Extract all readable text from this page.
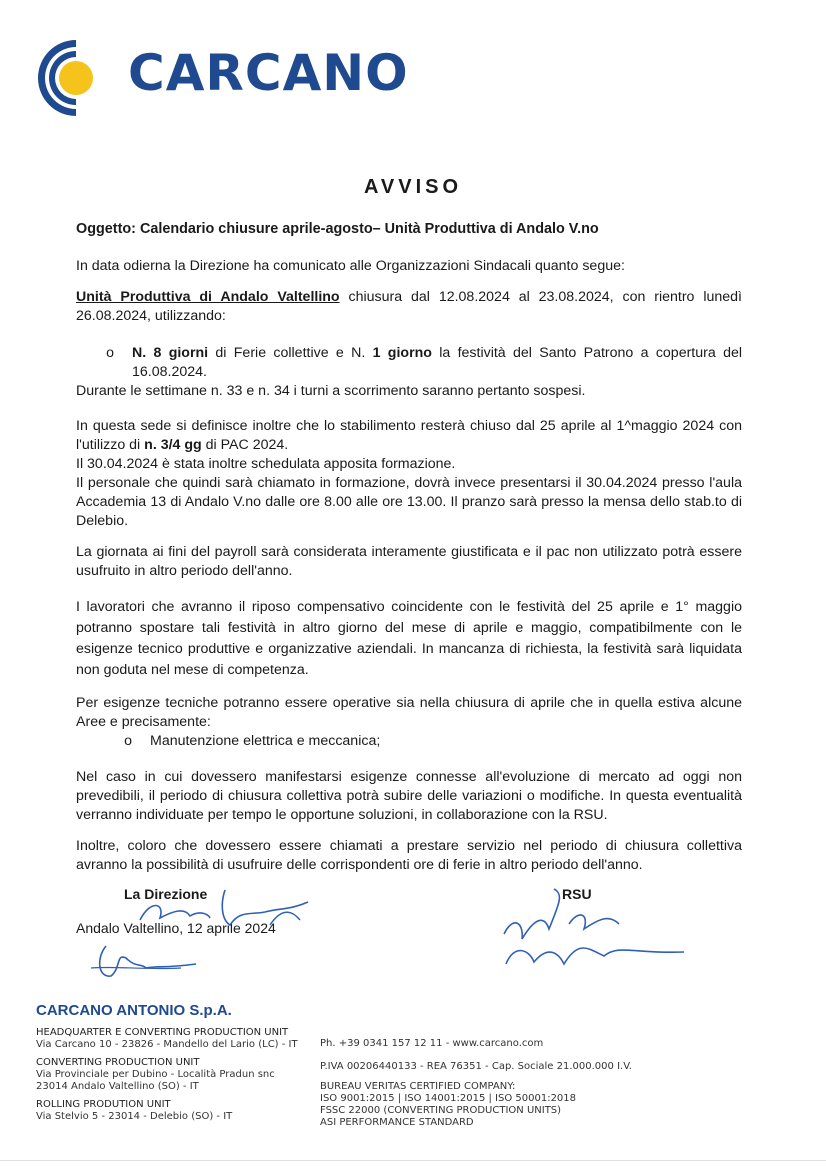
CARCANO
AVVISO
Oggetto: Calendario chiusure aprile-agosto– Unità Produttiva di Andalo V.no
In data odierna la Direzione ha comunicato alle Organizzazioni Sindacali quanto segue:

Unità Produttiva di Andalo Valtellino chiusura dal 12.08.2024 al 23.08.2024, con rientro lunedì 26.08.2024, utilizzando:

o	N. 8 giorni di Ferie collettive e N. 1 giorno la festività del Santo Patrono a copertura del 16.08.2024.

Durante le settimane n. 33 e n. 34 i turni a scorrimento saranno pertanto sospesi.

In questa sede si definisce inoltre che lo stabilimento resterà chiuso dal 25 aprile al 1^maggio 2024 con l'utilizzo di n. 3/4 gg di PAC 2024.

Il 30.04.2024 è stata inoltre schedulata apposita formazione.

Il personale che quindi sarà chiamato in formazione, dovrà invece presentarsi il 30.04.2024 presso l'aula Accademia 13 di Andalo V.no dalle ore 8.00 alle ore 13.00. Il pranzo sarà presso la mensa dello stab.to di Delebio.

La giornata ai fini del payroll sarà considerata interamente giustificata e il pac non utilizzato potrà essere usufruito in altro periodo dell'anno.
I lavoratori che avranno il riposo compensativo coincidente con le festività del 25 aprile e 1° maggio potranno spostare tali festività in altro giorno del mese di aprile e maggio, compatibilmente con le esigenze tecnico produttive e organizzative aziendali. In mancanza di richiesta, la festività sarà liquidata non goduta nel mese di competenza.

Per esigenze tecniche potranno essere operative sia nella chiusura di aprile che in quella estiva alcune Aree e precisamente:

o	Manutenzione elettrica e meccanica;
Nel caso in cui dovessero manifestarsi esigenze connesse all'evoluzione di mercato ad oggi non prevedibili, il periodo di chiusura collettiva potrà subire delle variazioni o modifiche. In questa eventualità verranno individuate per tempo le opportune soluzioni, in collaborazione con la RSU.
Inoltre, coloro che dovessero essere chiamati a prestare servizio nel periodo di chiusura collettiva avranno la possibilità di usufruire delle corrispondenti ore di ferie in altro periodo dell'anno.
La Direzione	RSU
Andalo Valtellino, 12 aprile 2024
CARCANO ANTONIO S.p.A.

HEADQUARTER E CONVERTING PRODUCTION UNIT

Via Carcano 10 - 23826 - Mandello del Lario (LC) - IT

CONVERTING PRODUCTION UNIT

Via Provinciale per Dubino - Località Pradun snc

23014 Andalo Valtellino (SO) - IT

ROLLING PRODUTION UNIT

Via Stelvio 5 - 23014 - Delebio (SO) - IT

Ph. +39 0341 157 12 11 - www.carcano.com

P.IVA 00206440133 - REA 76351 - Cap. Sociale 21.000.000 I.V.

BUREAU VERITAS CERTIFIED COMPANY:

ISO 9001:2015 | ISO 14001:2015 | ISO 50001:2018

FSSC 22000 (CONVERTING PRODUCTION UNITS)

ASI PERFORMANCE STANDARD
